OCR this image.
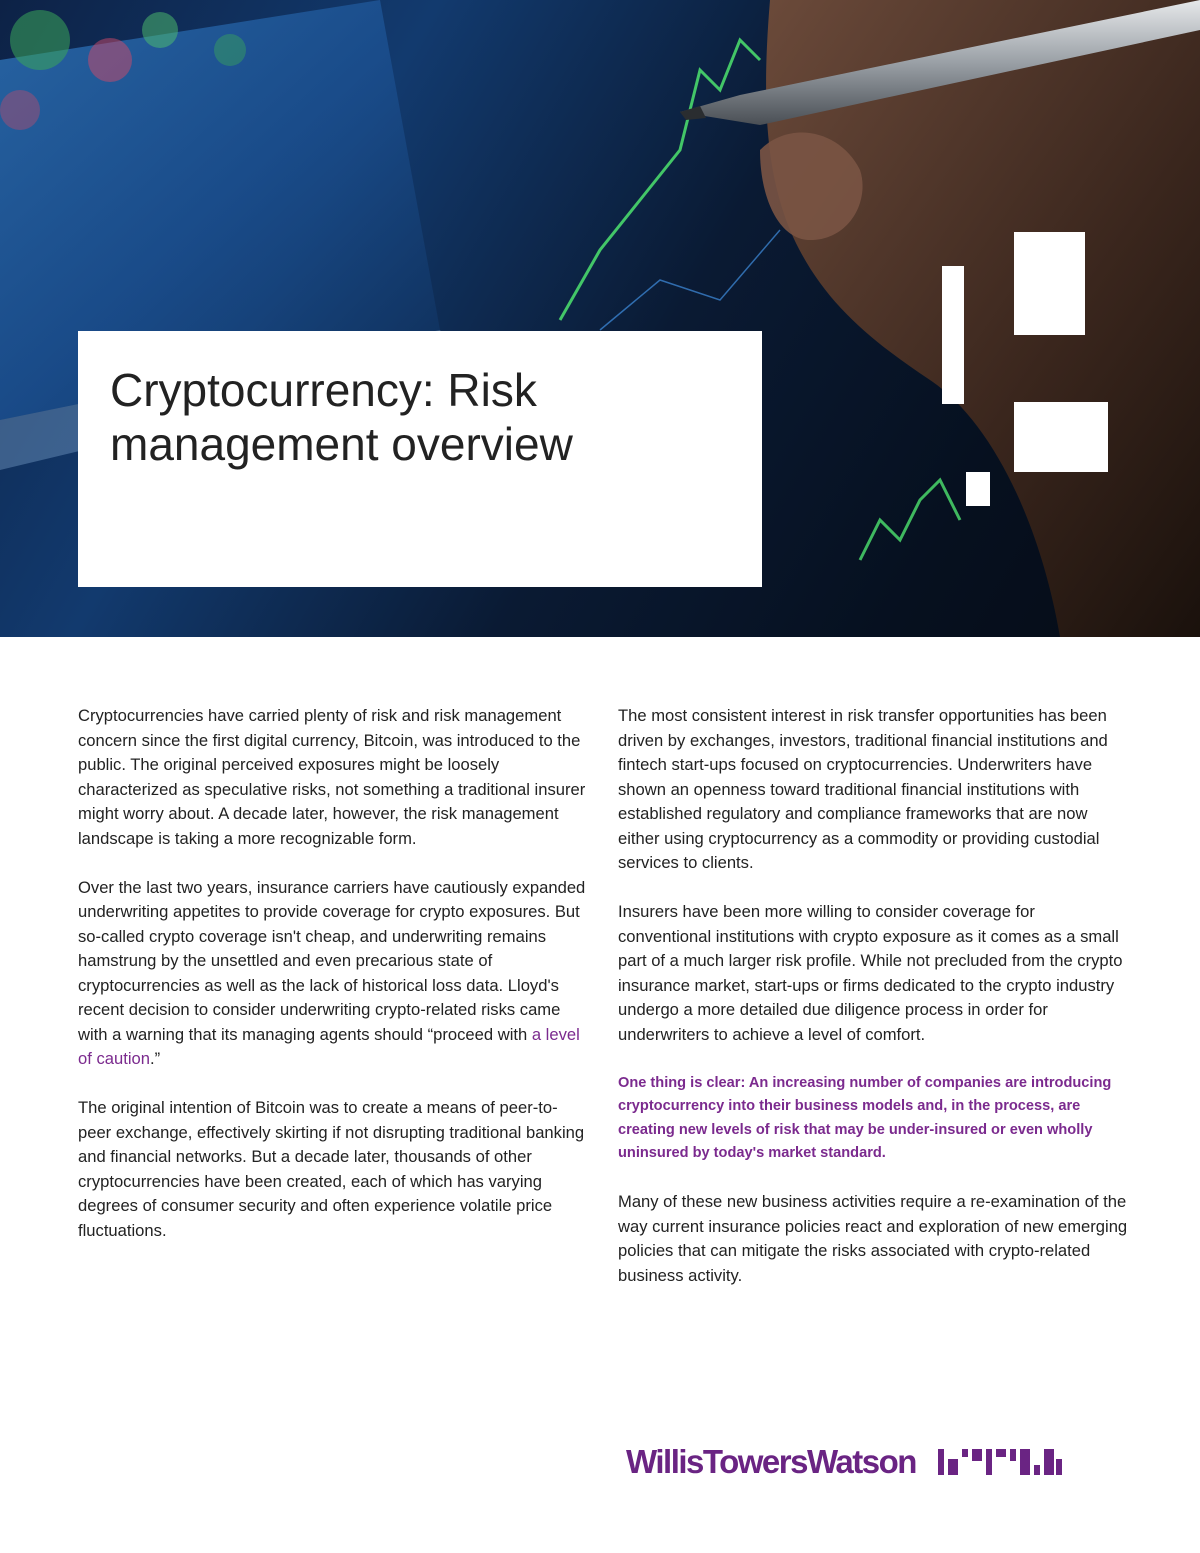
Cryptocurrency: Risk management overview

Cryptocurrencies have carried plenty of risk and risk management concern since the first digital currency, Bitcoin, was introduced to the public. The original perceived exposures might be loosely characterized as speculative risks, not something a traditional insurer might worry about. A decade later, however, the risk management landscape is taking a more recognizable form.

Over the last two years, insurance carriers have cautiously expanded underwriting appetites to provide coverage for crypto exposures. But so-called crypto coverage isn't cheap, and underwriting remains hamstrung by the unsettled and even precarious state of cryptocurrencies as well as the lack of historical loss data. Lloyd's recent decision to consider underwriting crypto-related risks came with a warning that its managing agents should “proceed with a level of caution.”

The original intention of Bitcoin was to create a means of peer-to-peer exchange, effectively skirting if not disrupting traditional banking and financial networks. But a decade later, thousands of other cryptocurrencies have been created, each of which has varying degrees of consumer security and often experience volatile price fluctuations.

The most consistent interest in risk transfer opportunities has been driven by exchanges, investors, traditional financial institutions and fintech start-ups focused on cryptocurrencies. Underwriters have shown an openness toward traditional financial institutions with established regulatory and compliance frameworks that are now either using cryptocurrency as a commodity or providing custodial services to clients.

Insurers have been more willing to consider coverage for conventional institutions with crypto exposure as it comes as a small part of a much larger risk profile. While not precluded from the crypto insurance market, start-ups or firms dedicated to the crypto industry undergo a more detailed due diligence process in order for underwriters to achieve a level of comfort.

One thing is clear: An increasing number of companies are introducing cryptocurrency into their business models and, in the process, are creating new levels of risk that may be under-insured or even wholly uninsured by today's market standard.

Many of these new business activities require a re-examination of the way current insurance policies react and exploration of new emerging policies that can mitigate the risks associated with crypto-related business activity.

WillisTowersWatson
